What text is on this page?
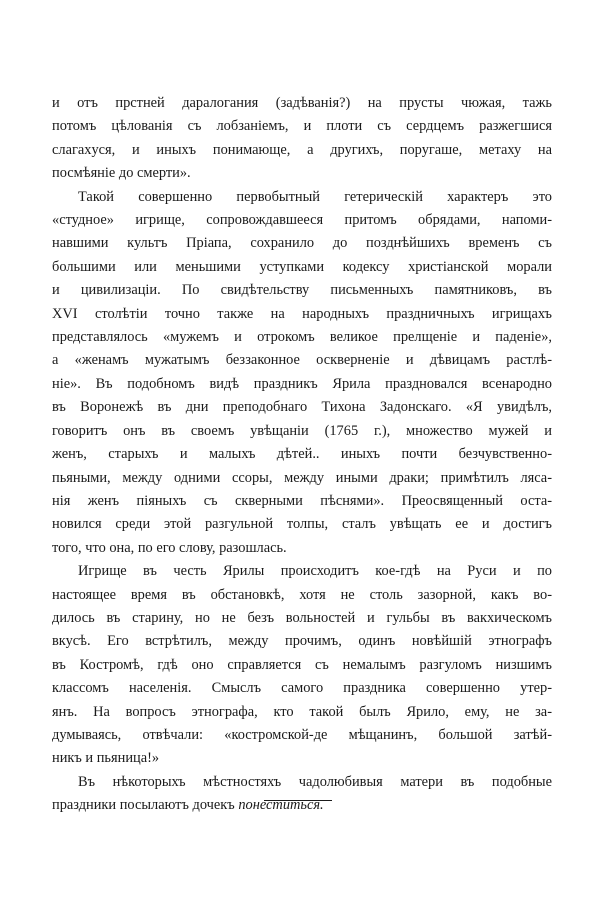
и отъ прстней даралогания (задѣванія?) на прусты чюжая, тажь
потомъ цѣлованія съ лобзаніемъ, и плоти съ сердцемъ разжегшися
слагаxуся, и иныxъ понимающе, а другихъ, поругаше, метаху на
посмѣянiе до смерти».

Такой совершенно первобытный гетерическій характеръ это
«студное» игрище, сопровождавшееся притомъ обрядами, напоми-
навшими культъ Пріапа, сохранило до позднѣйшихъ временъ съ
большими или меньшими уступками кодексу христіанской морали
и цивилизаціи. По свидѣтельству письменныхъ памятниковъ, въ
XVI столѣтіи точно также на народныхъ праздничныхъ игрищахъ
представлялось «мужемъ и отрокомъ великое прелщеніе и паденіе»,
а «женамъ мужатымъ беззаконное оскверненіе и дѣвицамъ растлѣ-
ніе». Въ подобномъ видѣ праздникъ Ярила праздновался всенародно
въ Воронежѣ въ дни преподобнаго Тихона Задонскаго. «Я увидѣлъ,
говоритъ онъ въ своемъ увѣщаніи (1765 г.), множество мужей и
женъ, старыхъ и малыхъ дѣтей.. иныхъ почти безчувственно-
пьяными, между одними ссоры, между иными драки; примѣтилъ ляса-
нія женъ піяныхъ съ скверными пѣснями». Преосвященный оста-
новился среди этой разгульной толпы, сталъ увѣщать ее и достигъ
того, что она, по его слову, разошлась.

Игрище въ честь Ярилы происходитъ кое-гдѣ на Руси и по
настоящее время въ обстановкѣ, хотя не столь зазорной, какъ во-
дилось въ старину, но не безъ вольностей и гульбы въ вакхическомъ
вкусѣ. Его встрѣтилъ, между прочимъ, одинъ новѣйшій этнографъ
въ Костромѣ, гдѣ оно справляется съ немалымъ разгуломъ низшимъ
классомъ населенія. Смыслъ самого праздника совершенно утер-
янъ. На вопросъ этнографа, кто такой былъ Ярило, ему, не за-
думываясь, отвѣчали: «костромской-де мѣщанинъ, большой затѣй-
никъ и пьяница!»

Въ нѣкоторыхъ мѣстностяхъ чадолюбивыя матери въ подобные
праздники посылаютъ дочекъ понеститься.
